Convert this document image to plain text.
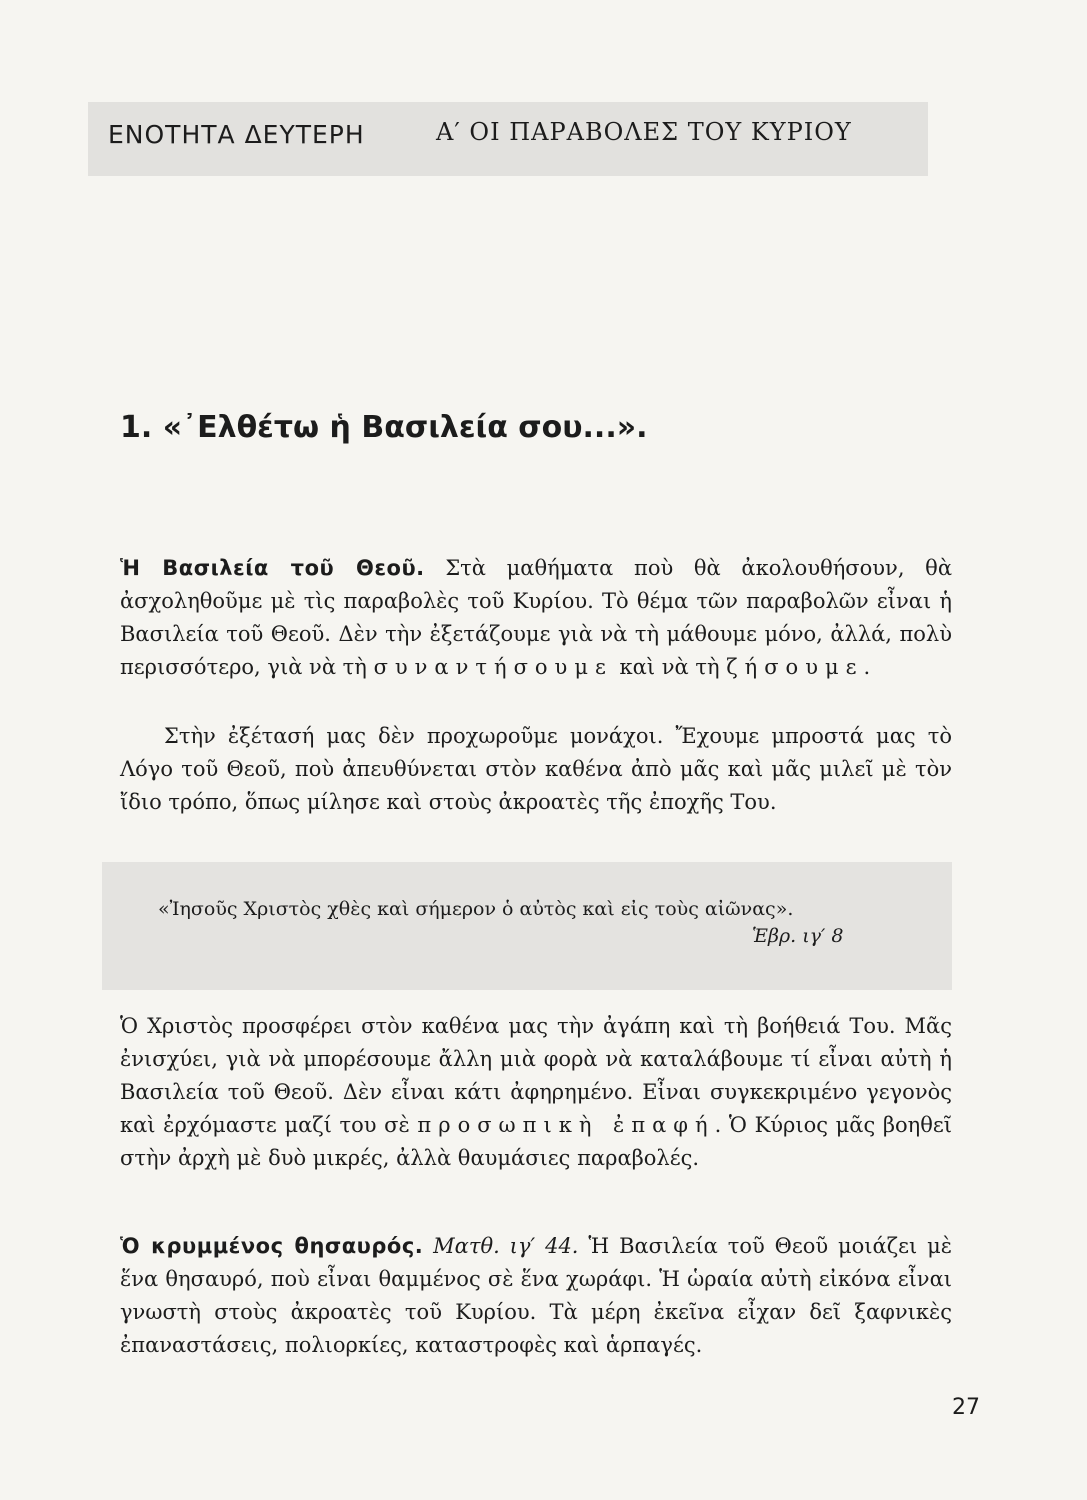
ΕΝΟΤΗΤΑ ΔΕΥΤΕΡΗ	Α′ ΟΙ ΠΑΡΑΒΟΛΕΣ ΤΟΥ ΚΥΡΙΟΥ
1. «᾽Ελθέτω ἡ Βασιλεία σου...».
Ἡ Βασιλεία τοῦ Θεοῦ. Στὰ μαθήματα ποὺ θὰ ἀκολουθήσουν, θὰ ἀσχοληθοῦμε μὲ τὶς παραβολὲς τοῦ Κυρίου. Τὸ θέμα τῶν παραβολῶν εἶναι ἡ Βασιλεία τοῦ Θεοῦ. Δὲν τὴν ἐξετάζουμε γιὰ νὰ τὴ μάθουμε μόνο, ἀλλά, πολὺ περισσότερο, γιὰ νὰ τὴ συναντήσουμε καὶ νὰ τὴ ζήσουμε.
Στὴν ἐξέτασή μας δὲν προχωροῦμε μονάχοι. Ἔχουμε μπροστά μας τὸ Λόγο τοῦ Θεοῦ, ποὺ ἀπευθύνεται στὸν καθένα ἀπὸ μᾶς καὶ μᾶς μιλεῖ μὲ τὸν ἴδιο τρόπο, ὅπως μίλησε καὶ στοὺς ἀκροατὲς τῆς ἐποχῆς Του.
«Ἰησοῦς Χριστὸς χθὲς καὶ σήμερον ὁ αὐτὸς καὶ εἰς τοὺς αἰῶνας».
Ἑβρ. ιγ′ 8
Ὁ Χριστὸς προσφέρει στὸν καθένα μας τὴν ἀγάπη καὶ τὴ βοήθειά Του. Μᾶς ἐνισχύει, γιὰ νὰ μπορέσουμε ἄλλη μιὰ φορὰ νὰ καταλάβουμε τί εἶναι αὐτὴ ἡ Βασιλεία τοῦ Θεοῦ. Δὲν εἶναι κάτι ἀφηρημένο. Εἶναι συγκεκριμένο γεγονὸς καὶ ἐρχόμαστε μαζί του σὲ προσωπικὴ ἐπαφή. Ὁ Κύριος μᾶς βοηθεῖ στὴν ἀρχὴ μὲ δυὸ μικρές, ἀλλὰ θαυμάσιες παραβολές.
Ὁ κρυμμένος θησαυρός. Ματθ. ιγ′ 44. Ἡ Βασιλεία τοῦ Θεοῦ μοιάζει μὲ ἕνα θησαυρό, ποὺ εἶναι θαμμένος σὲ ἕνα χωράφι. Ἡ ὡραία αὐτὴ εἰκόνα εἶναι γνωστὴ στοὺς ἀκροατὲς τοῦ Κυρίου. Τὰ μέρη ἐκεῖνα εἶχαν δεῖ ξαφνικὲς ἐπαναστάσεις, πολιορκίες, καταστροφὲς καὶ ἁρπαγές.
27
